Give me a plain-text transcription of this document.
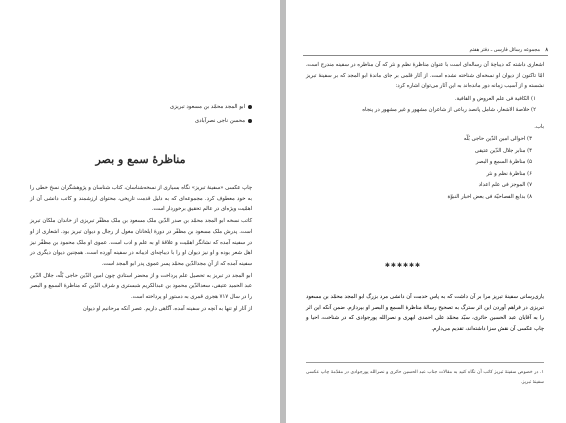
ابو المجد محمّد بن مسعود تبریزی
محسن ناجی نصرآبادی
مناظرۀ سمع و بصر

چاپ عکسی «سفینۀ تبریز» نگاه بسیاری از نسخه‌شناسان، کتاب شناسان و پژوهشگران نسخ خطی را به خود معطوف کرد. مجموعه‌ای که به دلیل قدمت تاریخی، محتوای ارزشمند و کاتب دانشی آن از اهمّیت ویژه‌ای در عالم تحقیق برخوردار است.

کاتب نسخه ابو المجد محمّد بن صدر الدّین ملک مسعود بن ملک مظفّر تبریزی از خاندان ملکان تبریز است. پدرش ملک مسعود بن مظفّر در دورۀ ایلخانان مغول از رجال و دیوان تبریز بود. اشعاری از او در سفینه آمده که نشانگر اهمّیت و علاقۀ او به علم و ادب است. عموی او ملک محمود بن مظفّر نیز اهل شعر بوده و او نیز دیوان او را با دیباچه‌ای ادیبانه در سفینه آورده است. همچنین دیوان دیگری در سفینه آمده که از آنِ مجدالدّین محمّد پسر عموی پدر ابو المجد است.

ابو المجد در تبریز به تحصیل علم پرداخت و از محضر استادیِ چون امین الدّین حاجی بُلّه، جلال الدّین عبد الحمید عتیقی، سعدالدّین محمود بن عبدالکریم شبستری و شرف الدّین که مناظرۀ السمع و البصر را در سال ۷۱۷ هجری قمری به دستور او پرداخته است.

از آثار او تنها به آنچه در سفینه آمده، آگاهی داریم. عصر آنکه مرحانیم او دیوان

۸ مجموعه رسائل فارسی ـ دفتر هفتم

اشعاری داشته که دیباچۀ آن رساله‌ای است با عنوان مناظرۀ نظم و نثر که آن مناظره در سفینه مندرج است، امّا تاکنون از دیوان او نسخه‌ای شناخته نشده است. از آثار قلمی بر جای ماندۀ ابو المجد که بر سفینۀ تبریز نشسته و از آسیب زمانه دور مانده‌اند به این آثار می‌توان اشاره کرد:

۱) الکافیة فی علم العروض و القافیة.
۲) خلاصۀ الاشعار، شامل پانصد رباعی از شاعران مشهور و غیر مشهور در پنجاه
باب.
۳) احوالی امین الدّین حاجی بُلّه
۴) منابر جلال الدّین عتیقی
۵) مناظرۀ السمع و البصر
۶) مناظرۀ نظم و نثر
۷) الموجز فی علم اعداد
۸) بدایع الفصاحیّة فی بعض اخبار النبوّة
✱✱✱✱✱✱
یاری‌رسانی سفینۀ تبریز مرا بر آن داشت که به پاس خدمت آن دانشی مرد بزرگ ابو المجد محمّد بن مسعود تبریزی در فراهم آوردن این اثر سترگ به تصحیح رسالۀ مناظرۀ السمع و البصر او بپردازم. ضمن آنکه این اثر را به آقایان عبد الحسین حائری، سیّد محمّد علی احمدی ابهری و نصرالله پورجوادی که در شناخت، احیا و چاپ عکسی آن نقش سزا داشته‌اند، تقدیم می‌دارم.
۱. در خصوص سفینۀ تبریز کاتب آن نگاه کنید به مقالات جناب عبد الحسین حائری و نصرالله پورجوادی در مقدّمۀ چاپ عکسی سفینۀ تبریز.
